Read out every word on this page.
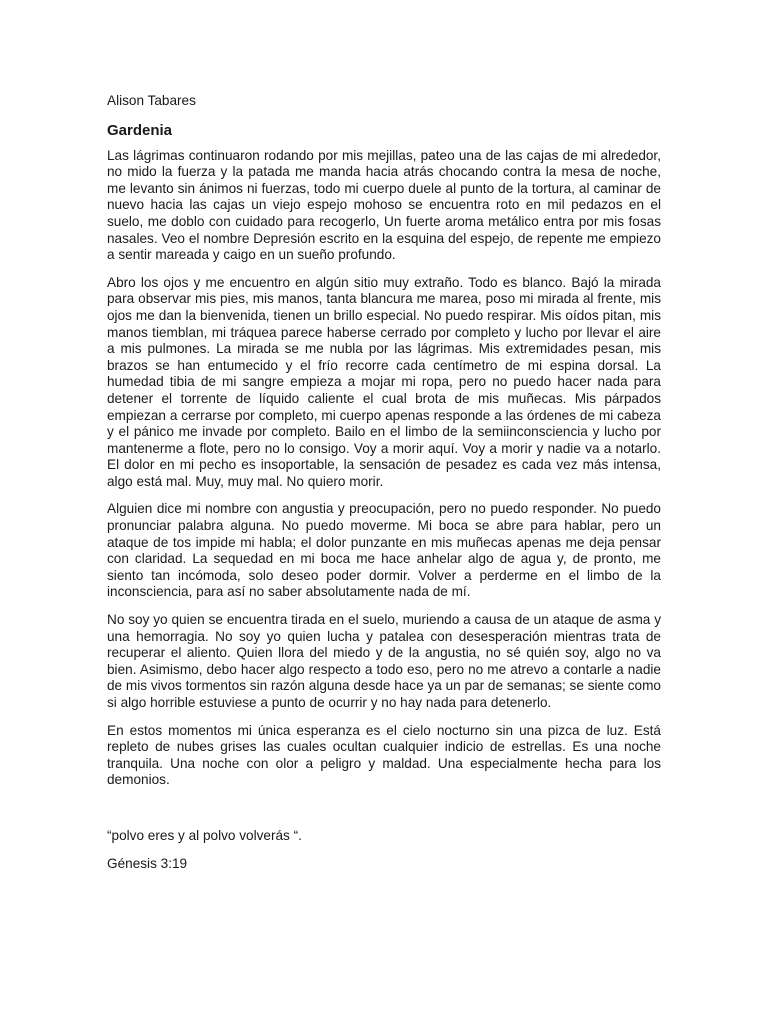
Alison Tabares

Gardenia

Las lágrimas continuaron rodando por mis mejillas, pateo una de las cajas de mi alrededor, no mido la fuerza y la patada me manda hacia atrás chocando contra la mesa de noche, me levanto sin ánimos ni fuerzas, todo mi cuerpo duele al punto de la tortura, al caminar de nuevo hacia las cajas un viejo espejo mohoso se encuentra roto en mil pedazos en el suelo, me doblo con cuidado para recogerlo, Un fuerte aroma metálico entra por mis fosas nasales. Veo el nombre Depresión escrito en la esquina del espejo, de repente me empiezo a sentir mareada y caigo en un sueño profundo.

Abro los ojos y me encuentro en algún sitio muy extraño. Todo es blanco. Bajó la mirada para observar mis pies, mis manos, tanta blancura me marea, poso mi mirada al frente, mis ojos me dan la bienvenida, tienen un brillo especial. No puedo respirar. Mis oídos pitan, mis manos tiemblan, mi tráquea parece haberse cerrado por completo y lucho por llevar el aire a mis pulmones. La mirada se me nubla por las lágrimas. Mis extremidades pesan, mis brazos se han entumecido y el frío recorre cada centímetro de mi espina dorsal. La humedad tibia de mi sangre empieza a mojar mi ropa, pero no puedo hacer nada para detener el torrente de líquido caliente el cual brota de mis muñecas. Mis párpados empiezan a cerrarse por completo, mi cuerpo apenas responde a las órdenes de mi cabeza y el pánico me invade por completo. Bailo en el limbo de la semiinconsciencia y lucho por mantenerme a flote, pero no lo consigo. Voy a morir aquí. Voy a morir y nadie va a notarlo. El dolor en mi pecho es insoportable, la sensación de pesadez es cada vez más intensa, algo está mal. Muy, muy mal. No quiero morir.

Alguien dice mi nombre con angustia y preocupación, pero no puedo responder. No puedo pronunciar palabra alguna. No puedo moverme. Mi boca se abre para hablar, pero un ataque de tos impide mi habla; el dolor punzante en mis muñecas apenas me deja pensar con claridad. La sequedad en mi boca me hace anhelar algo de agua y, de pronto, me siento tan incómoda, solo deseo poder dormir. Volver a perderme en el limbo de la inconsciencia, para así no saber absolutamente nada de mí.

No soy yo quien se encuentra tirada en el suelo, muriendo a causa de un ataque de asma y una hemorragia. No soy yo quien lucha y patalea con desesperación mientras trata de recuperar el aliento. Quien llora del miedo y de la angustia, no sé quién soy, algo no va bien. Asimismo, debo hacer algo respecto a todo eso, pero no me atrevo a contarle a nadie de mis vivos tormentos sin razón alguna desde hace ya un par de semanas; se siente como si algo horrible estuviese a punto de ocurrir y no hay nada para detenerlo.

En estos momentos mi única esperanza es el cielo nocturno sin una pizca de luz. Está repleto de nubes grises las cuales ocultan cualquier indicio de estrellas. Es una noche tranquila. Una noche con olor a peligro y maldad. Una especialmente hecha para los demonios.

“polvo eres y al polvo volverás “.

Génesis 3:19
